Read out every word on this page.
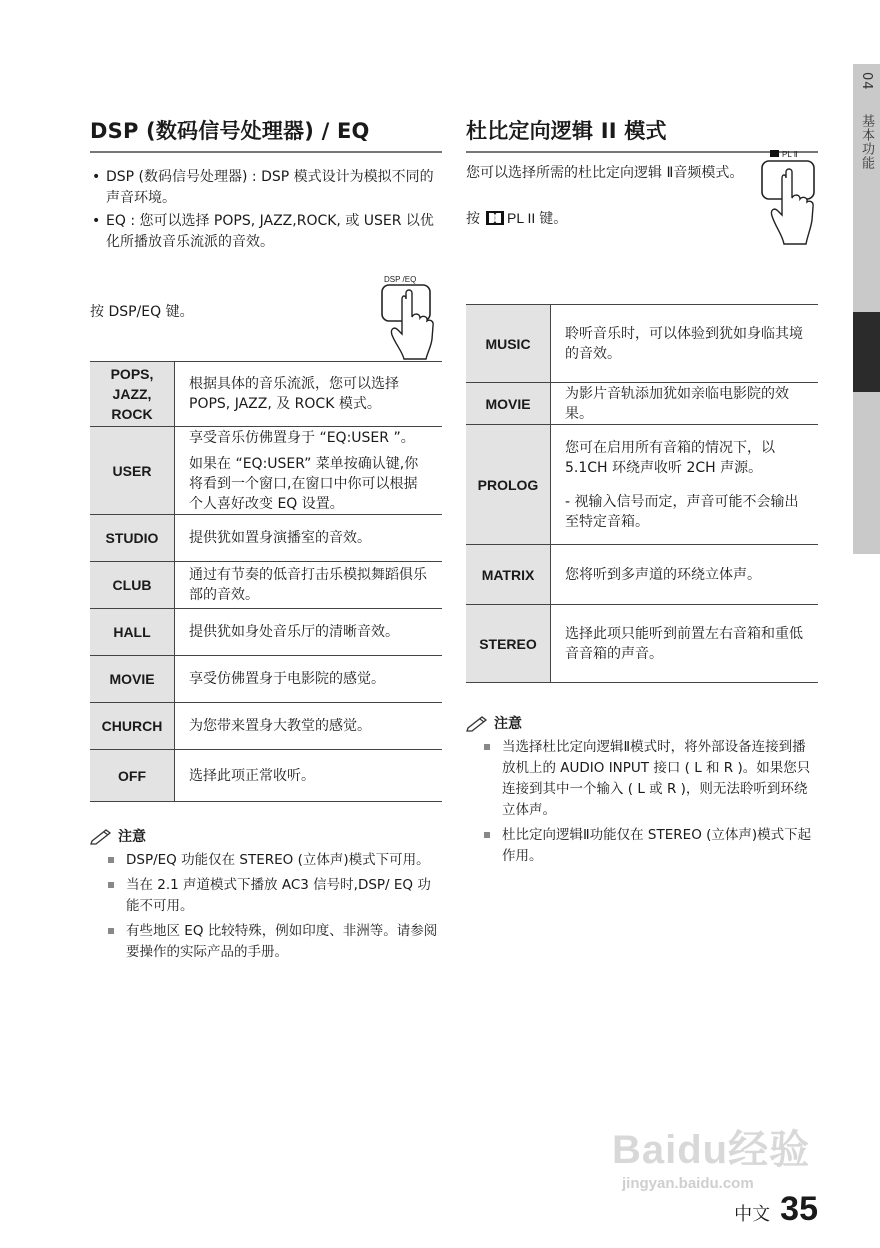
04 基本功能
DSP (数码信号处理器) / EQ
• DSP (数码信号处理器) : DSP 模式设计为模拟不同的声音环境。
• EQ : 您可以选择 POPS, JAZZ,ROCK, 或 USER 以优化所播放音乐流派的音效。
按 DSP/EQ 键。
DSP /EQ
POPS, JAZZ, ROCK	根据具体的音乐流派，您可以选择 POPS, JAZZ, 及 ROCK 模式。

USER	享受音乐仿佛置身于 “EQ:USER ”。

如果在 “EQ:USER” 菜单按确认键,你将看到一个窗口,在窗口中你可以根据个人喜好改变 EQ 设置。

STUDIO	提供犹如置身演播室的音效。

CLUB	通过有节奏的低音打击乐模拟舞蹈俱乐部的音效。

HALL	提供犹如身处音乐厅的清晰音效。

MOVIE	享受仿佛置身于电影院的感觉。

CHURCH	为您带来置身大教堂的感觉。

OFF	选择此项正常收听。

注意
DSP/EQ 功能仅在 STEREO (立体声)模式下可用。
当在 2.1 声道模式下播放 AC3 信号时,DSP/ EQ 功能不可用。
有些地区 EQ 比较特殊，例如印度、非洲等。请参阅要操作的实际产品的手册。
杜比定向逻辑 II 模式

您可以选择所需的杜比定向逻辑 Ⅱ音频模式。

按 PL II 键。
PL Ⅱ
MUSIC	聆听音乐时，可以体验到犹如身临其境的音效。

MOVIE	为影片音轨添加犹如亲临电影院的效果。

PROLOG	您可在启用所有音箱的情况下，以 5.1CH 环绕声收听 2CH 声源。

- 视输入信号而定，声音可能不会输出至特定音箱。

MATRIX	您将听到多声道的环绕立体声。

STEREO	选择此项只能听到前置左右音箱和重低音音箱的声音。

注意
当选择杜比定向逻辑Ⅱ模式时，将外部设备连接到播放机上的 AUDIO INPUT 接口 ( L 和 R )。如果您只连接到其中一个输入 ( L 或 R )，则无法聆听到环绕立体声。
杜比定向逻辑Ⅱ功能仅在 STEREO (立体声)模式下起作用。
Baidu经验
jingyan.baidu.com
中文 35
